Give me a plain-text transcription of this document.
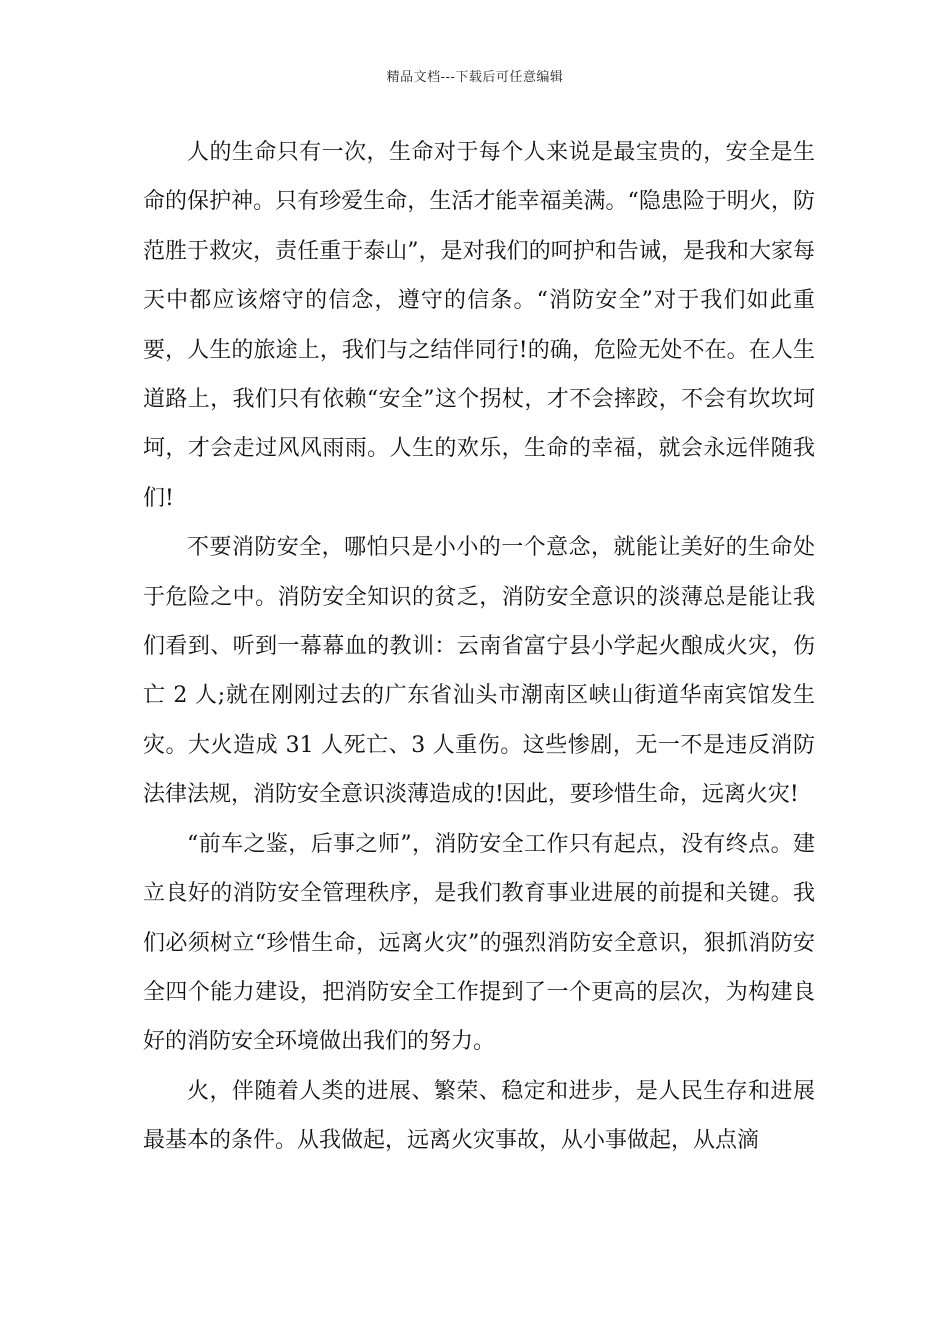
精品文档---下载后可任意编辑

人的生命只有一次，生命对于每个人来说是最宝贵的，安全是生命的保护神。只有珍爱生命，生活才能幸福美满。“隐患险于明火，防范胜于救灾，责任重于泰山”，是对我们的呵护和告诫，是我和大家每天中都应该熔守的信念，遵守的信条。“消防安全”对于我们如此重要，人生的旅途上，我们与之结伴同行!的确，危险无处不在。在人生道路上，我们只有依赖“安全”这个拐杖，才不会摔跤，不会有坎坎坷坷，才会走过风风雨雨。人生的欢乐，生命的幸福，就会永远伴随我们!

不要消防安全，哪怕只是小小的一个意念，就能让美好的生命处于危险之中。消防安全知识的贫乏，消防安全意识的淡薄总是能让我们看到、听到一幕幕血的教训：云南省富宁县小学起火酿成火灾，伤亡 2 人;就在刚刚过去的广东省汕头市潮南区峡山街道华南宾馆发生灾。大火造成 31 人死亡、3 人重伤。这些惨剧，无一不是违反消防法律法规，消防安全意识淡薄造成的!因此，要珍惜生命，远离火灾!

“前车之鉴，后事之师”，消防安全工作只有起点，没有终点。建立良好的消防安全管理秩序，是我们教育事业进展的前提和关键。我们必须树立“珍惜生命，远离火灾”的强烈消防安全意识，狠抓消防安全四个能力建设，把消防安全工作提到了一个更高的层次，为构建良好的消防安全环境做出我们的努力。

火，伴随着人类的进展、繁荣、稳定和进步，是人民生存和进展最基本的条件。从我做起，远离火灾事故，从小事做起，从点滴
